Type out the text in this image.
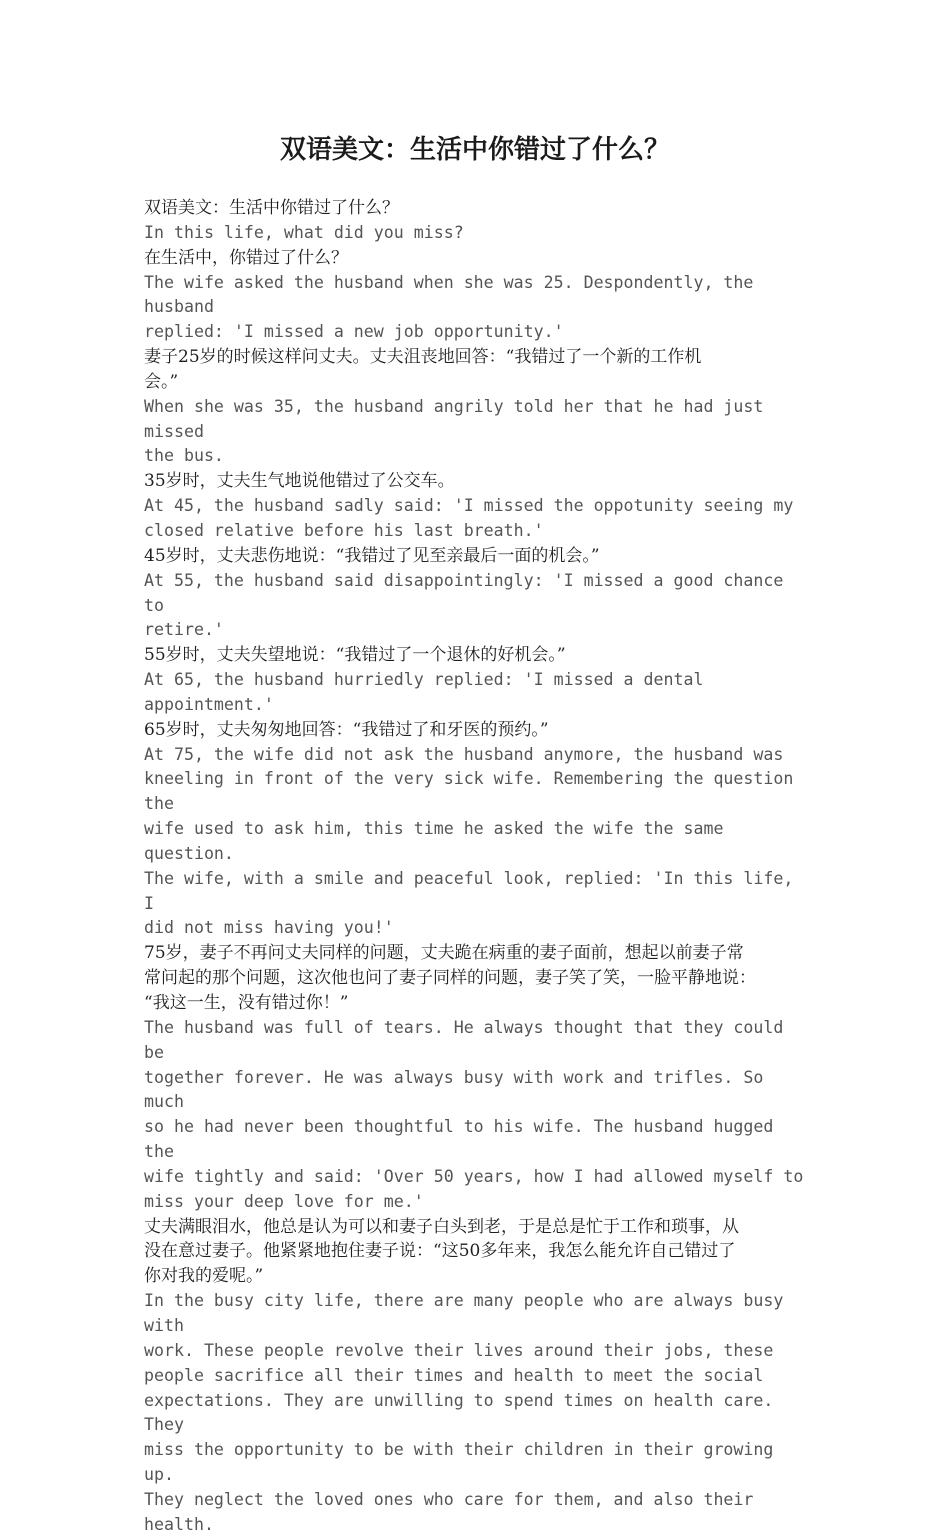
双语美文：生活中你错过了什么？

双语美文：生活中你错过了什么？

In this life, what did you miss?

在生活中，你错过了什么？

The wife asked the husband when she was 25. Despondently, the husband

replied: 'I missed a new job opportunity.'

妻子25岁的时候这样问丈夫。丈夫沮丧地回答：“我错过了一个新的工作机

会。”

When she was 35, the husband angrily told her that he had just missed

the bus.

35岁时，丈夫生气地说他错过了公交车。

At 45, the husband sadly said: 'I missed the oppotunity seeing my

closed relative before his last breath.'

45岁时，丈夫悲伤地说：“我错过了见至亲最后一面的机会。”

At 55, the husband said disappointingly: 'I missed a good chance to

retire.'

55岁时，丈夫失望地说：“我错过了一个退休的好机会。”

At 65, the husband hurriedly replied: 'I missed a dental

appointment.'

65岁时，丈夫匆匆地回答：“我错过了和牙医的预约。”

At 75, the wife did not ask the husband anymore, the husband was

kneeling in front of the very sick wife. Remembering the question the

wife used to ask him, this time he asked the wife the same question.

The wife, with a smile and peaceful look, replied: 'In this life, I

did not miss having you!'

75岁，妻子不再问丈夫同样的问题，丈夫跪在病重的妻子面前，想起以前妻子常

常问起的那个问题，这次他也问了妻子同样的问题，妻子笑了笑，一脸平静地说：

“我这一生，没有错过你！”

The husband was full of tears. He always thought that they could be

together forever. He was always busy with work and trifles. So much

so he had never been thoughtful to his wife. The husband hugged the

wife tightly and said: 'Over 50 years, how I had allowed myself to

miss your deep love for me.'

丈夫满眼泪水，他总是认为可以和妻子白头到老，于是总是忙于工作和琐事，从

没在意过妻子。他紧紧地抱住妻子说：“这50多年来，我怎么能允许自己错过了

你对我的爱呢。”

In the busy city life, there are many people who are always busy with

work. These people revolve their lives around their jobs, these

people sacrifice all their times and health to meet the social

expectations. They are unwilling to spend times on health care. They

miss the opportunity to be with their children in their growing up.

They neglect the loved ones who care for them, and also their health.
